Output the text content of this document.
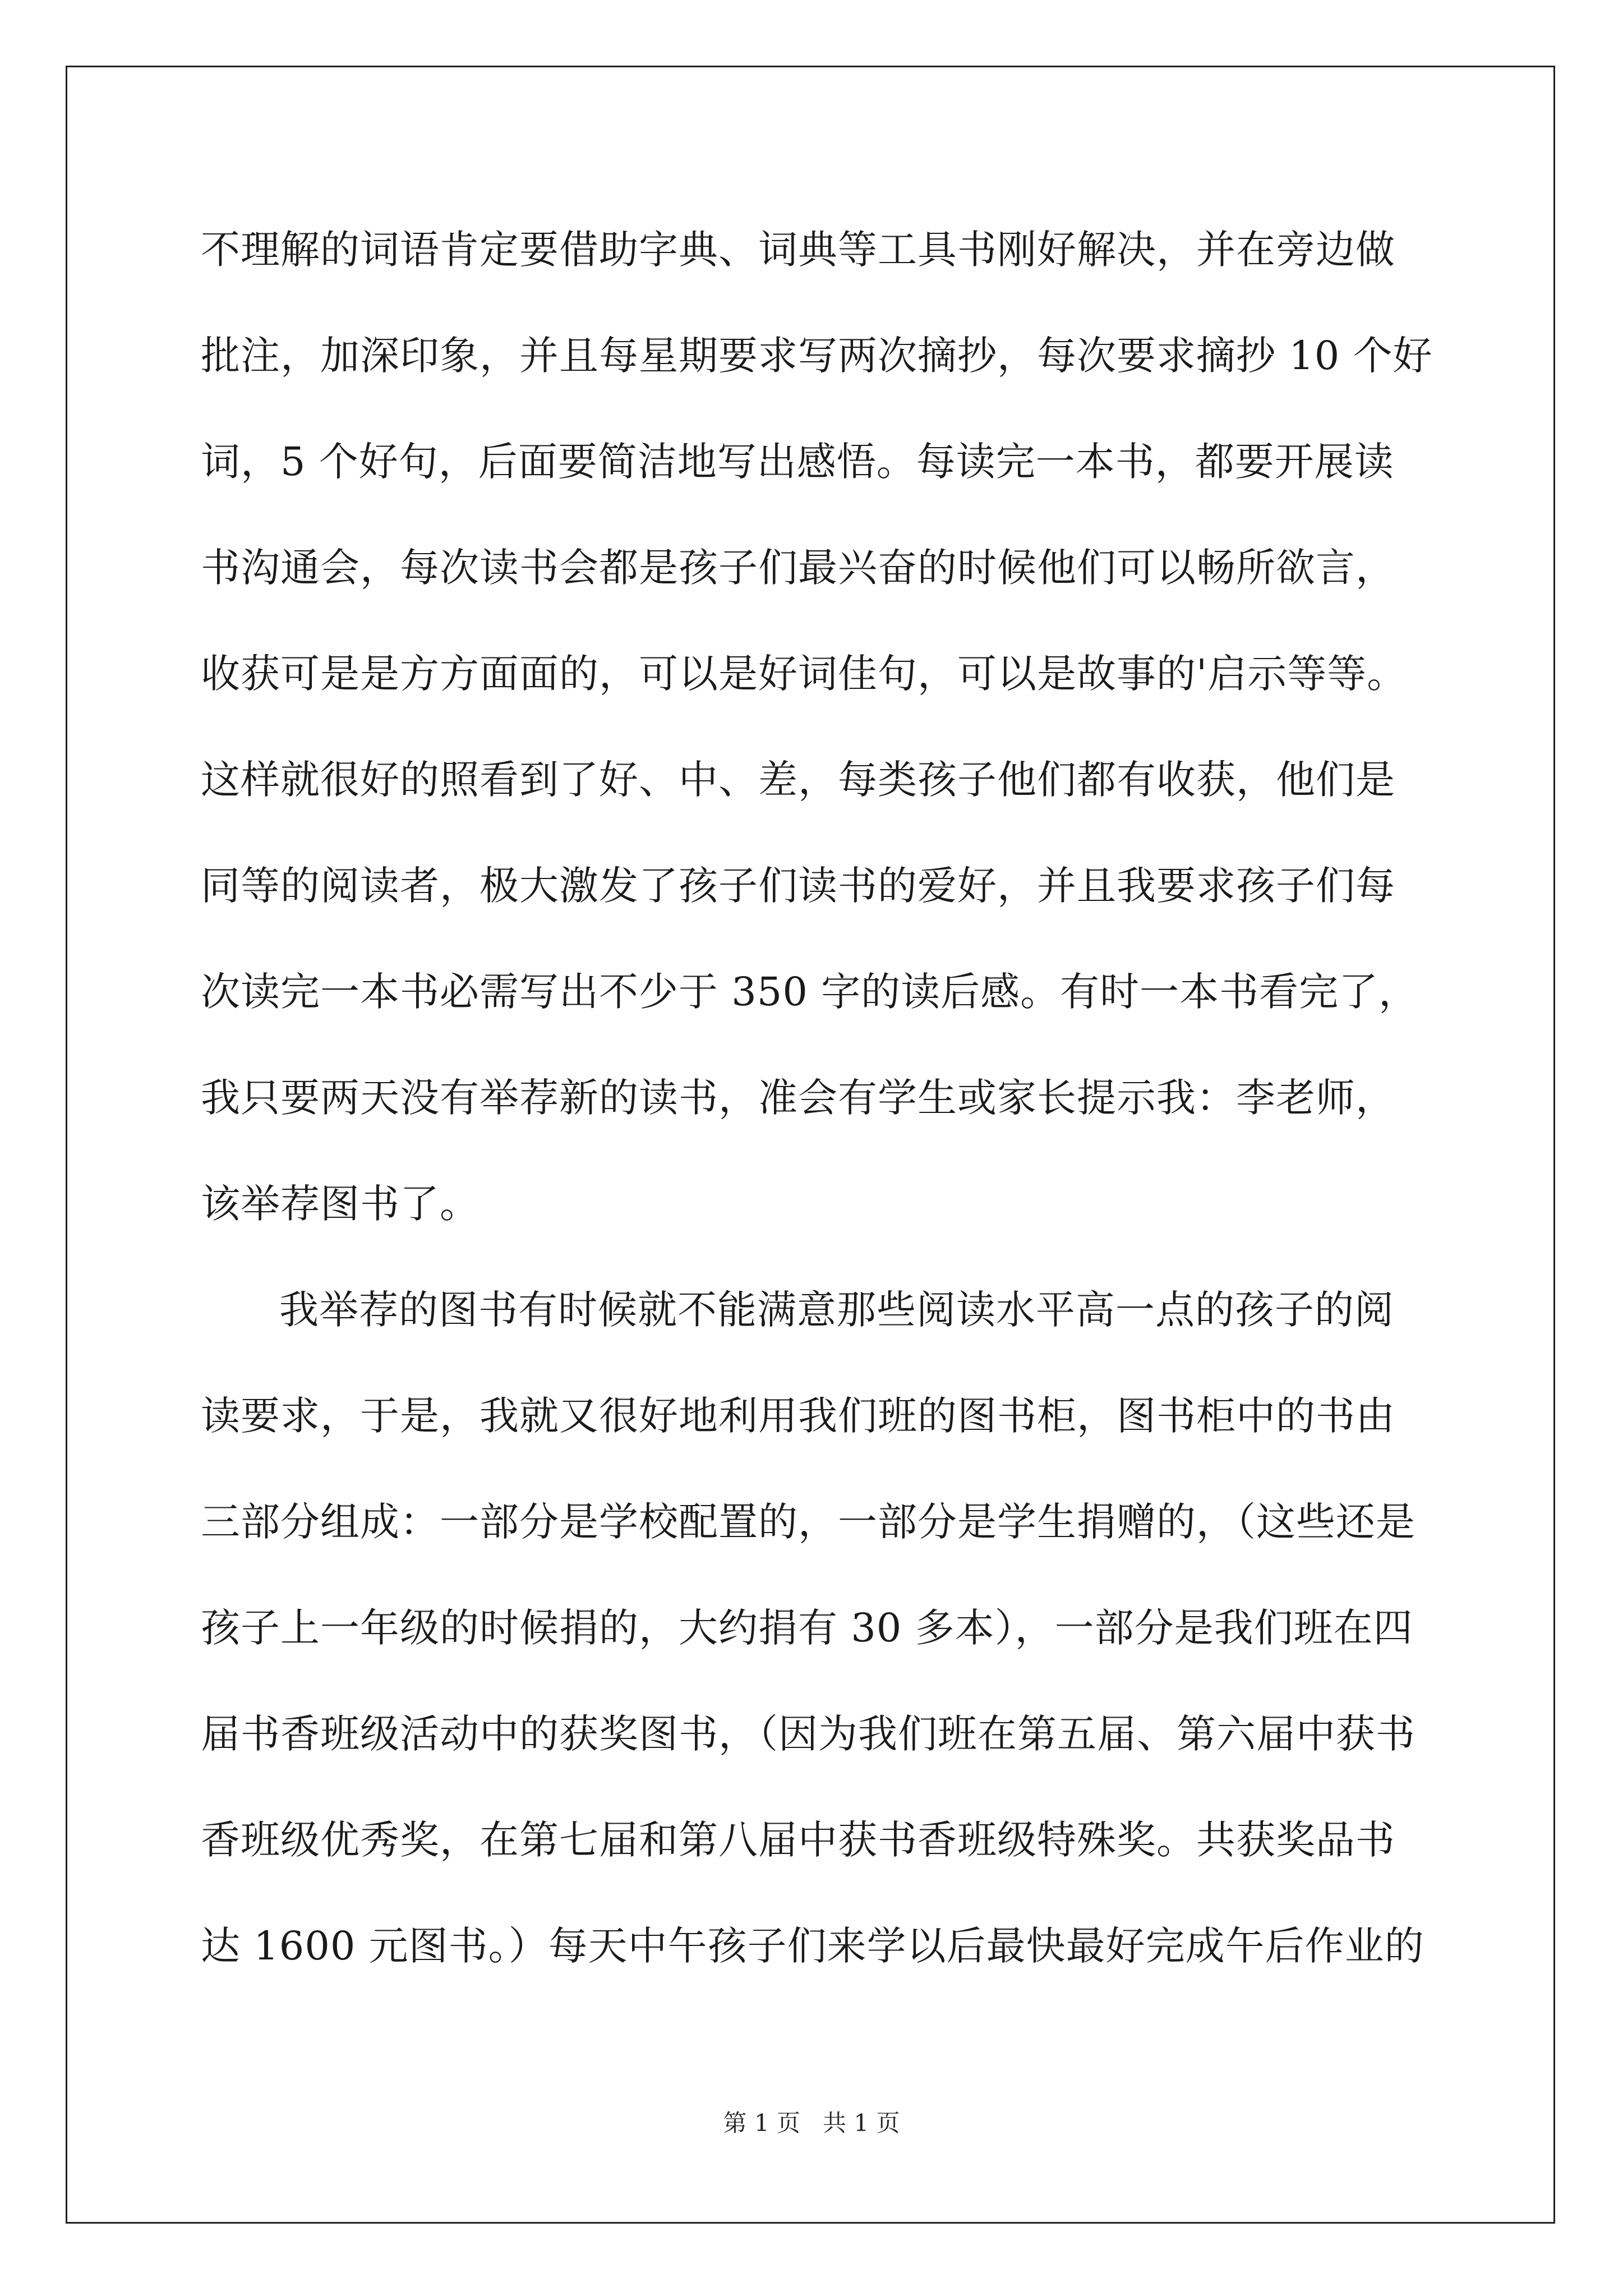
不理解的词语肯定要借助字典、词典等工具书刚好解决，并在旁边做
批注，加深印象，并且每星期要求写两次摘抄，每次要求摘抄 10 个好
词，5 个好句，后面要简洁地写出感悟。每读完一本书，都要开展读
书沟通会，每次读书会都是孩子们最兴奋的时候他们可以畅所欲言，
收获可是是方方面面的，可以是好词佳句，可以是故事的'启示等等。
这样就很好的照看到了好、中、差，每类孩子他们都有收获，他们是
同等的阅读者，极大激发了孩子们读书的爱好，并且我要求孩子们每
次读完一本书必需写出不少于 350 字的读后感。有时一本书看完了，
我只要两天没有举荐新的读书，准会有学生或家长提示我：李老师，
该举荐图书了。
我举荐的图书有时候就不能满意那些阅读水平高一点的孩子的阅
读要求，于是，我就又很好地利用我们班的图书柜，图书柜中的书由
三部分组成：一部分是学校配置的，一部分是学生捐赠的，（这些还是
孩子上一年级的时候捐的，大约捐有 30 多本），一部分是我们班在四
届书香班级活动中的获奖图书，（因为我们班在第五届、第六届中获书
香班级优秀奖，在第七届和第八届中获书香班级特殊奖。共获奖品书
达 1600 元图书。）每天中午孩子们来学以后最快最好完成午后作业的
第 1 页   共 1 页
